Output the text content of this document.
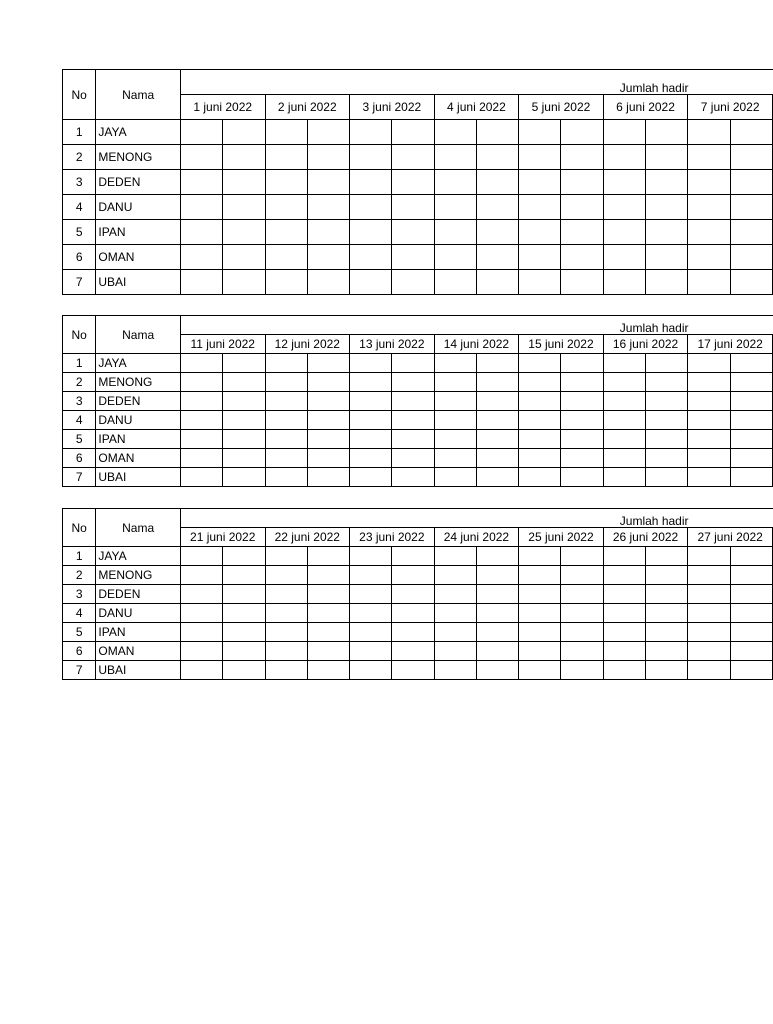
No	Nama	Jumlah hadir													
		1 juni 2022		2 juni 2022		3 juni 2022		4 juni 2022		5 juni 2022		6 juni 2022		7 juni 2022	
1	JAYA														
2	MENONG														
3	DEDEN														
4	DANU														
5	IPAN														
6	OMAN														
7	UBAI														
No	Nama	Jumlah hadir													
		11 juni 2022		12 juni 2022		13 juni 2022		14 juni 2022		15 juni 2022		16 juni 2022		17 juni 2022	
1	JAYA														
2	MENONG														
3	DEDEN														
4	DANU														
5	IPAN														
6	OMAN														
7	UBAI														
No	Nama	Jumlah hadir													
		21 juni 2022		22 juni 2022		23 juni 2022		24 juni 2022		25 juni 2022		26 juni 2022		27 juni 2022	
1	JAYA														
2	MENONG														
3	DEDEN														
4	DANU														
5	IPAN														
6	OMAN														
7	UBAI														
